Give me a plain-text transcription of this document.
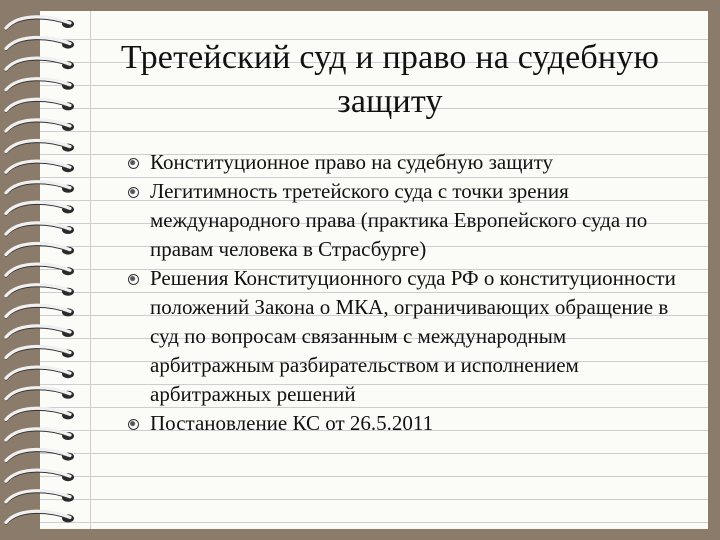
Третейский суд и право на судебную защиту
Конституционное право на судебную защиту
Легитимность третейского суда с точки зрения международного права (практика Европейского суда по правам человека в Страсбурге)
Решения Конституционного суда РФ о конституционности положений Закона о МКА, ограничивающих обращение в суд по вопросам связанным с международным арбитражным разбирательством и исполнением арбитражных решений
Постановление КС от 26.5.2011
